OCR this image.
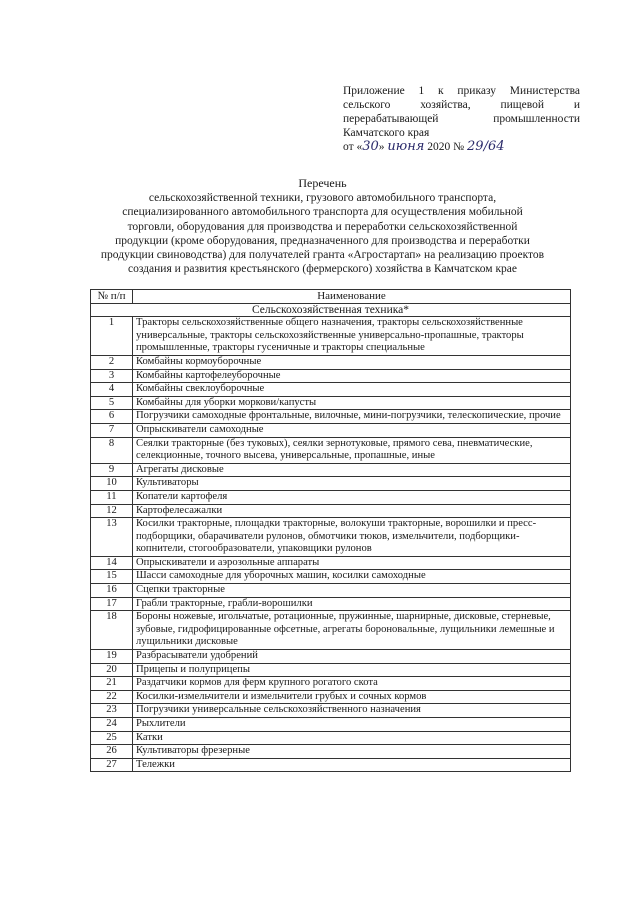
Приложение 1 к приказу Министерства
сельского хозяйства, пищевой и
перерабатывающей промышленности
Камчатского края
от «30» июня 2020 № 29/64
Перечень
сельскохозяйственной техники, грузового автомобильного транспорта,
специализированного автомобильного транспорта для осуществления мобильной
торговли, оборудования для производства и переработки сельскохозяйственной
продукции (кроме оборудования, предназначенного для производства и переработки
продукции свиноводства) для получателей гранта «Агростартап» на реализацию проектов
создания и развития крестьянского (фермерского) хозяйства в Камчатском крае
№ п/п	Наименование
Сельскохозяйственная техника*	
1	Тракторы сельскохозяйственные общего назначения, тракторы сельскохозяйственные универсальные, тракторы сельскохозяйственные универсально-пропашные, тракторы промышленные, тракторы гусеничные и тракторы специальные
2	Комбайны кормоуборочные
3	Комбайны картофелеуборочные
4	Комбайны свеклоуборочные
5	Комбайны для уборки моркови/капусты
6	Погрузчики самоходные фронтальные, вилочные, мини-погрузчики, телескопические, прочие
7	Опрыскиватели самоходные
8	Сеялки тракторные (без туковых), сеялки зернотуковые, прямого сева, пневматические, селекционные, точного высева, универсальные, пропашные, иные
9	Агрегаты дисковые
10	Культиваторы
11	Копатели картофеля
12	Картофелесажалки
13	Косилки тракторные, площадки тракторные, волокуши тракторные, ворошилки и пресс-подборщики, обарачиватели рулонов, обмотчики тюков, измельчители, подборщики-копнители, стогообразователи, упаковщики рулонов
14	Опрыскиватели и аэрозольные аппараты
15	Шасси самоходные для уборочных машин, косилки самоходные
16	Сцепки тракторные
17	Грабли тракторные, грабли-ворошилки
18	Бороны ножевые, игольчатые, ротационные, пружинные, шарнирные, дисковые, стерневые, зубовые, гидрофицированные офсетные, агрегаты бороновальные, лущильники лемешные и лущильники дисковые
19	Разбрасыватели удобрений
20	Прицепы и полуприцепы
21	Раздатчики кормов для ферм крупного рогатого скота
22	Косилки-измельчители и измельчители грубых и сочных кормов
23	Погрузчики универсальные сельскохозяйственного назначения
24	Рыхлители
25	Катки
26	Культиваторы фрезерные
27	Тележки
